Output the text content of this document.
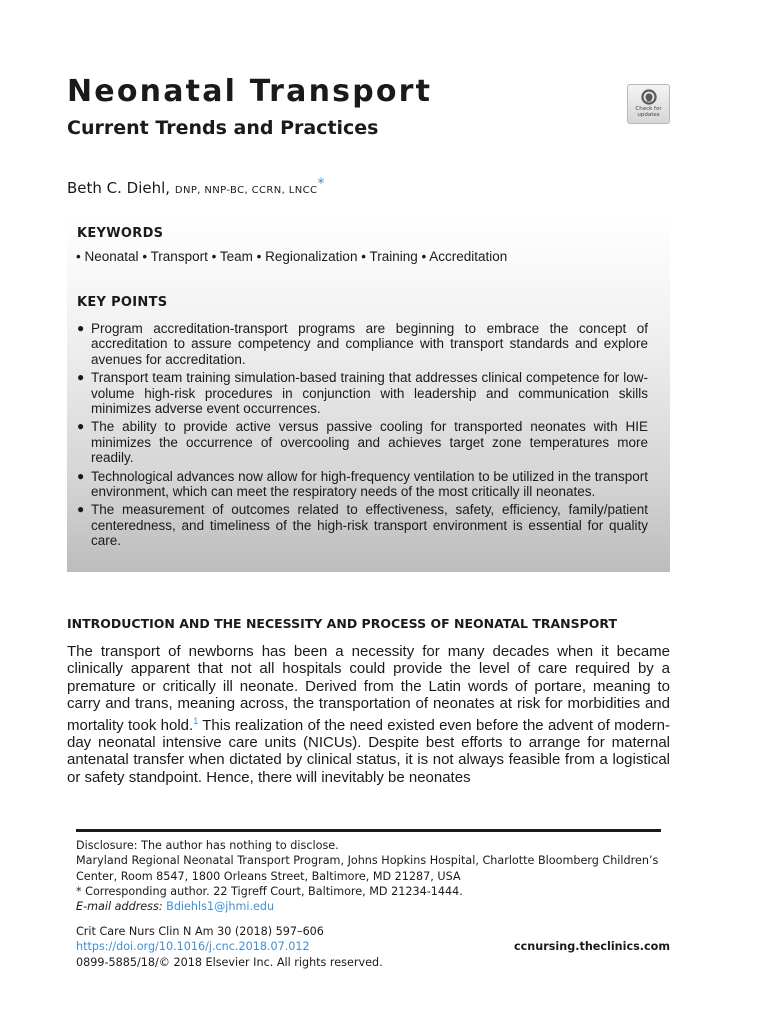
Neonatal Transport
Current Trends and Practices
Check for
updates

Beth C. Diehl, DNP, NNP-BC, CCRN, LNCC*

KEYWORDS

• Neonatal • Transport • Team • Regionalization • Training • Accreditation

KEY POINTS
● Program accreditation-transport programs are beginning to embrace the concept of accreditation to assure competency and compliance with transport standards and explore avenues for accreditation.
● Transport team training simulation-based training that addresses clinical competence for low-volume high-risk procedures in conjunction with leadership and communication skills minimizes adverse event occurrences.
● The ability to provide active versus passive cooling for transported neonates with HIE minimizes the occurrence of overcooling and achieves target zone temperatures more readily.
● Technological advances now allow for high-frequency ventilation to be utilized in the transport environment, which can meet the respiratory needs of the most critically ill neonates.
● The measurement of outcomes related to effectiveness, safety, efficiency, family/patient centeredness, and timeliness of the high-risk transport environment is essential for quality care.
INTRODUCTION AND THE NECESSITY AND PROCESS OF NEONATAL TRANSPORT

The transport of newborns has been a necessity for many decades when it became clinically apparent that not all hospitals could provide the level of care required by a premature or critically ill neonate. Derived from the Latin words of portare, meaning to carry and trans, meaning across, the transportation of neonates at risk for morbidities and mortality took hold.$^1$ This realization of the need existed even before the advent of modern-day neonatal intensive care units (NICUs). Despite best efforts to arrange for maternal antenatal transfer when dictated by clinical status, it is not always feasible from a logistical or safety standpoint. Hence, there will inevitably be neonates

Disclosure: The author has nothing to disclose.

Maryland Regional Neonatal Transport Program, Johns Hopkins Hospital, Charlotte Bloomberg Children’s Center, Room 8547, 1800 Orleans Street, Baltimore, MD 21287, USA

* Corresponding author. 22 Tigreff Court, Baltimore, MD 21234-1444.

E-mail address: Bdiehls1@jhmi.edu

Crit Care Nurs Clin N Am 30 (2018) 597–606

https://doi.org/10.1016/j.cnc.2018.07.012

0899-5885/18/© 2018 Elsevier Inc. All rights reserved.

ccnursing.theclinics.com
